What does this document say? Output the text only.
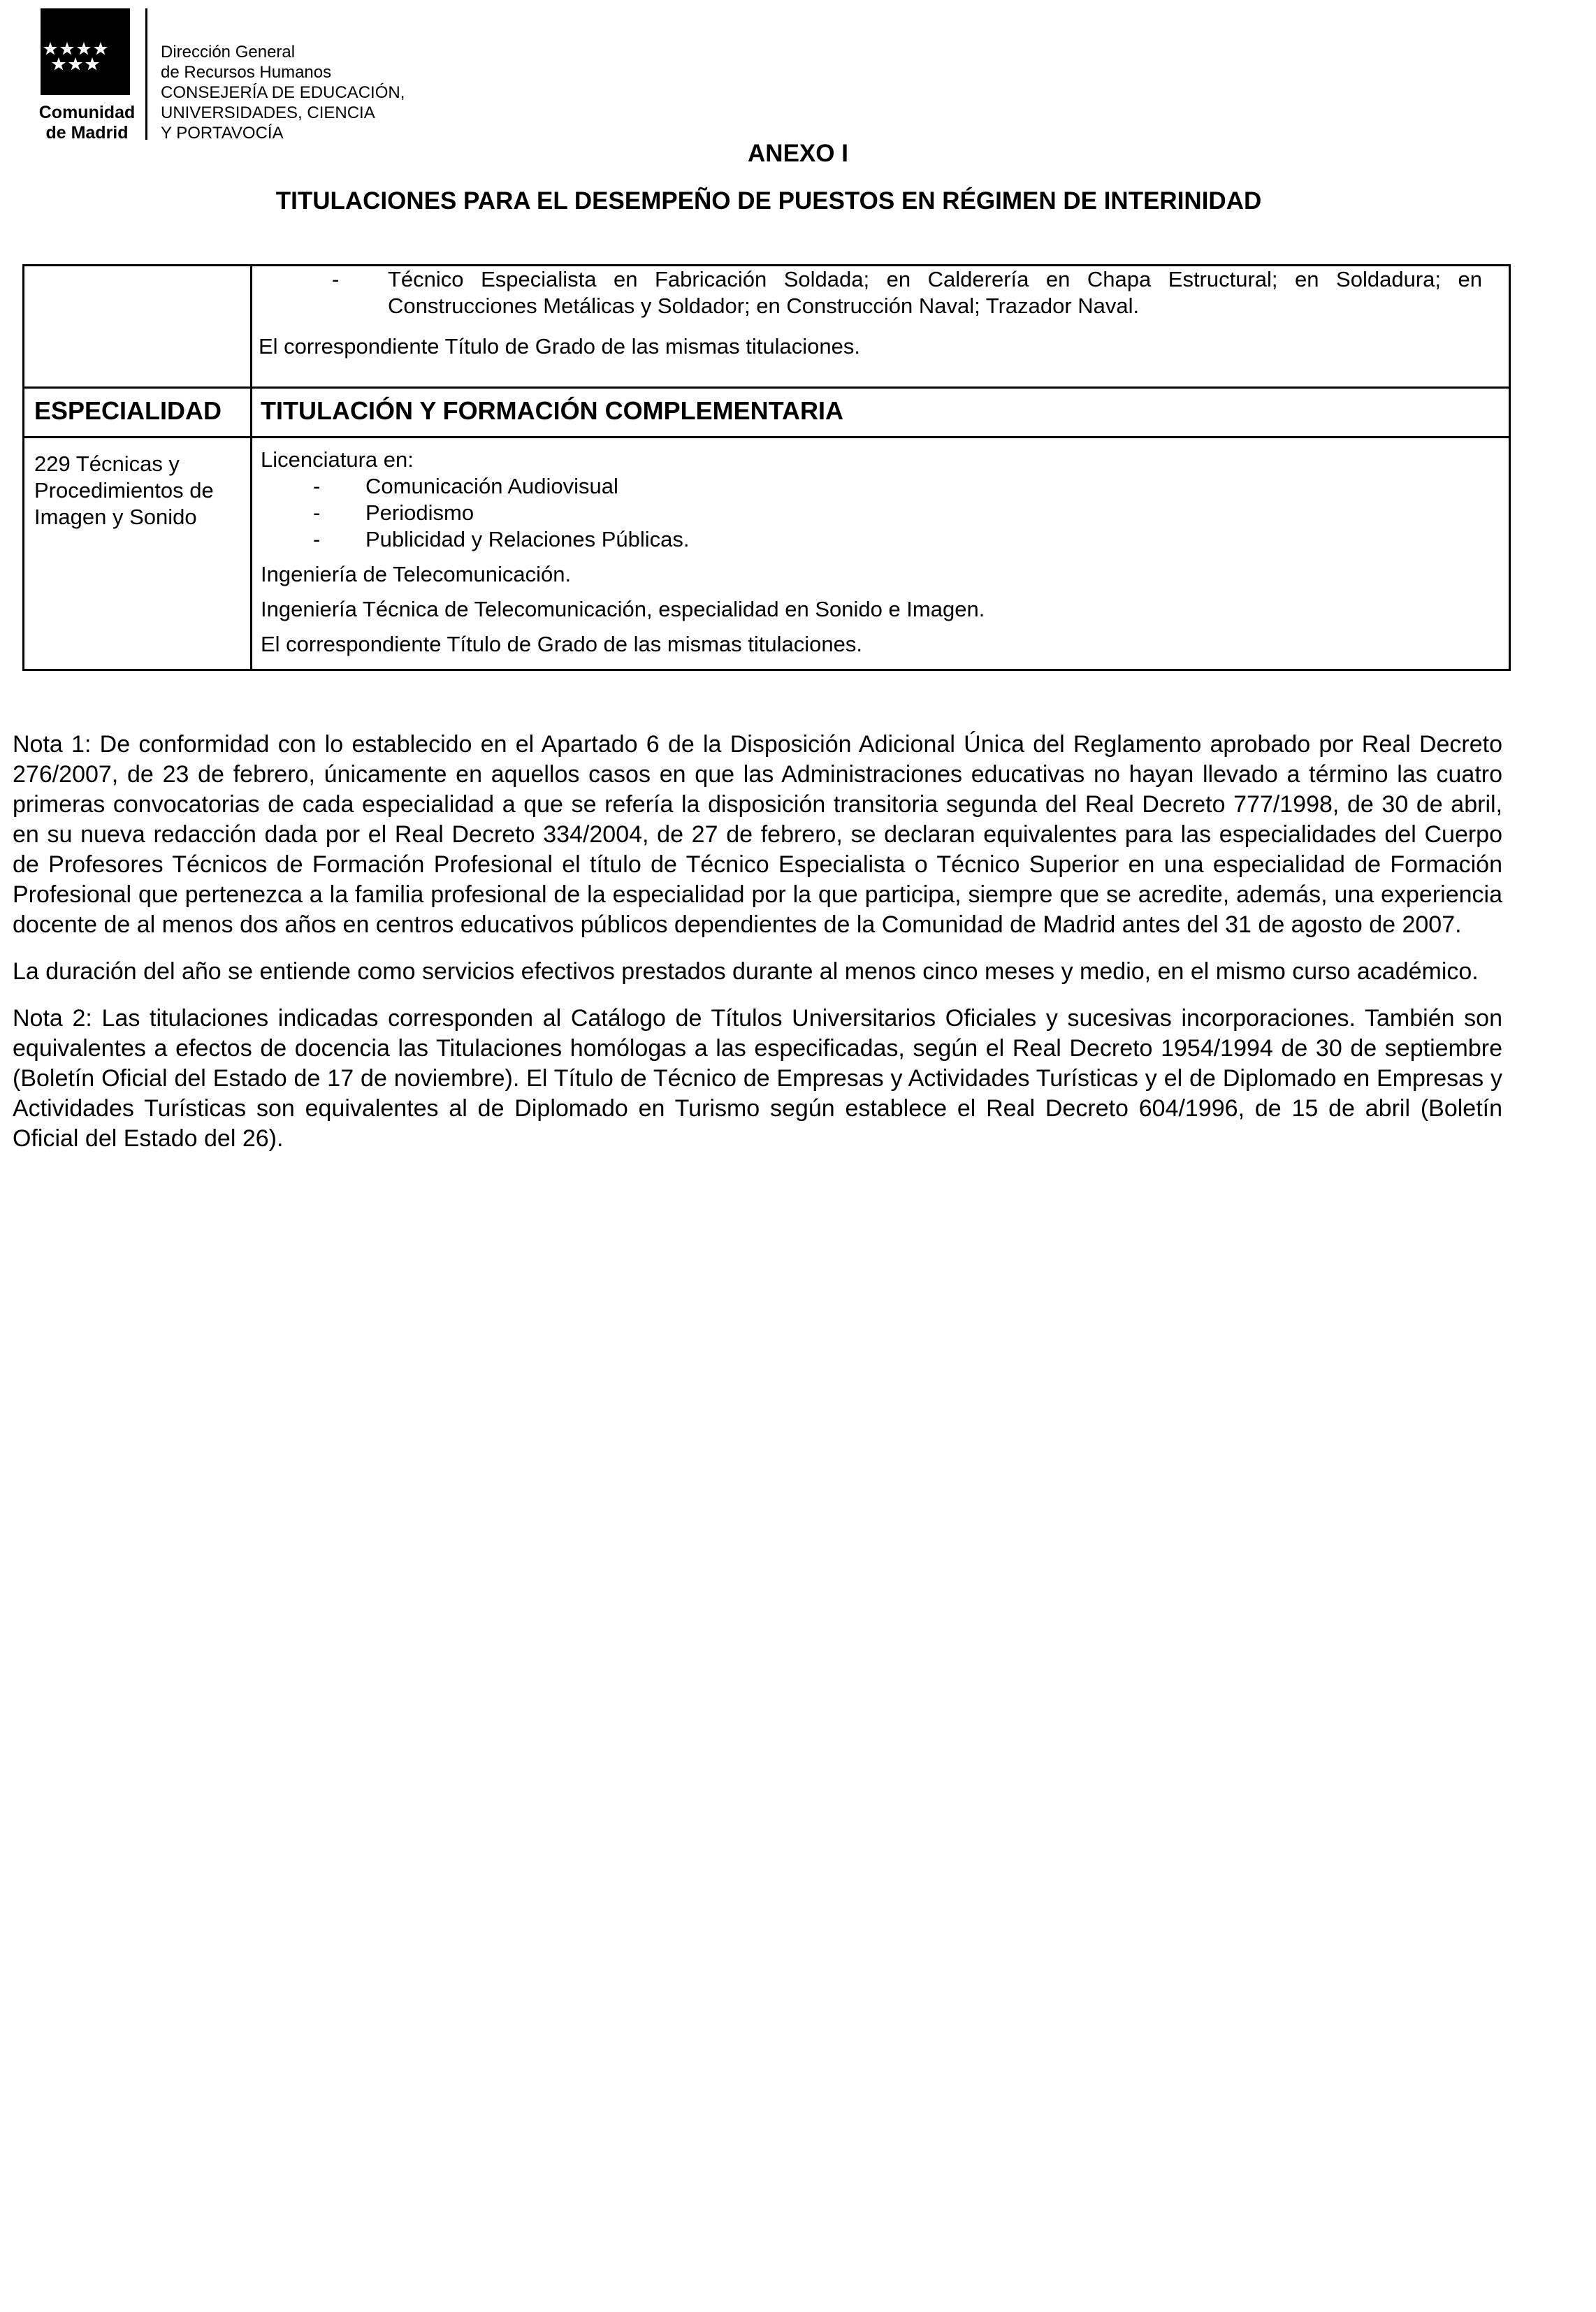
Comunidad
de Madrid
Dirección General
de Recursos Humanos
CONSEJERÍA DE EDUCACIÓN,
UNIVERSIDADES, CIENCIA
Y PORTAVOCÍA
ANEXO I
TITULACIONES PARA EL DESEMPEÑO DE PUESTOS EN RÉGIMEN DE INTERINIDAD
- Técnico Especialista en Fabricación Soldada; en Calderería en Chapa Estructural; en Soldadura; en Construcciones Metálicas y Soldador; en Construcción Naval; Trazador Naval.
El correspondiente Título de Grado de las mismas titulaciones.
ESPECIALIDAD TITULACIÓN Y FORMACIÓN COMPLEMENTARIA
229 Técnicas y
Procedimientos de
Imagen y Sonido
Licenciatura en:
- Comunicación Audiovisual
- Periodismo
- Publicidad y Relaciones Públicas.
Ingeniería de Telecomunicación.
Ingeniería Técnica de Telecomunicación, especialidad en Sonido e Imagen.
El correspondiente Título de Grado de las mismas titulaciones.

Nota 1: De conformidad con lo establecido en el Apartado 6 de la Disposición Adicional Única del Reglamento aprobado por Real Decreto 276/2007, de 23 de febrero, únicamente en aquellos casos en que las Administraciones educativas no hayan llevado a término las cuatro primeras convocatorias de cada especialidad a que se refería la disposición transitoria segunda del Real Decreto 777/1998, de 30 de abril, en su nueva redacción dada por el Real Decreto 334/2004, de 27 de febrero, se declaran equivalentes para las especialidades del Cuerpo de Profesores Técnicos de Formación Profesional el título de Técnico Especialista o Técnico Superior en una especialidad de Formación Profesional que pertenezca a la familia profesional de la especialidad por la que participa, siempre que se acredite, además, una experiencia docente de al menos dos años en centros educativos públicos dependientes de la Comunidad de Madrid antes del 31 de agosto de 2007.

La duración del año se entiende como servicios efectivos prestados durante al menos cinco meses y medio, en el mismo curso académico.

Nota 2: Las titulaciones indicadas corresponden al Catálogo de Títulos Universitarios Oficiales y sucesivas incorporaciones. También son equivalentes a efectos de docencia las Titulaciones homólogas a las especificadas, según el Real Decreto 1954/1994 de 30 de septiembre (Boletín Oficial del Estado de 17 de noviembre). El Título de Técnico de Empresas y Actividades Turísticas y el de Diplomado en Empresas y Actividades Turísticas son equivalentes al de Diplomado en Turismo según establece el Real Decreto 604/1996, de 15 de abril (Boletín Oficial del Estado del 26).
